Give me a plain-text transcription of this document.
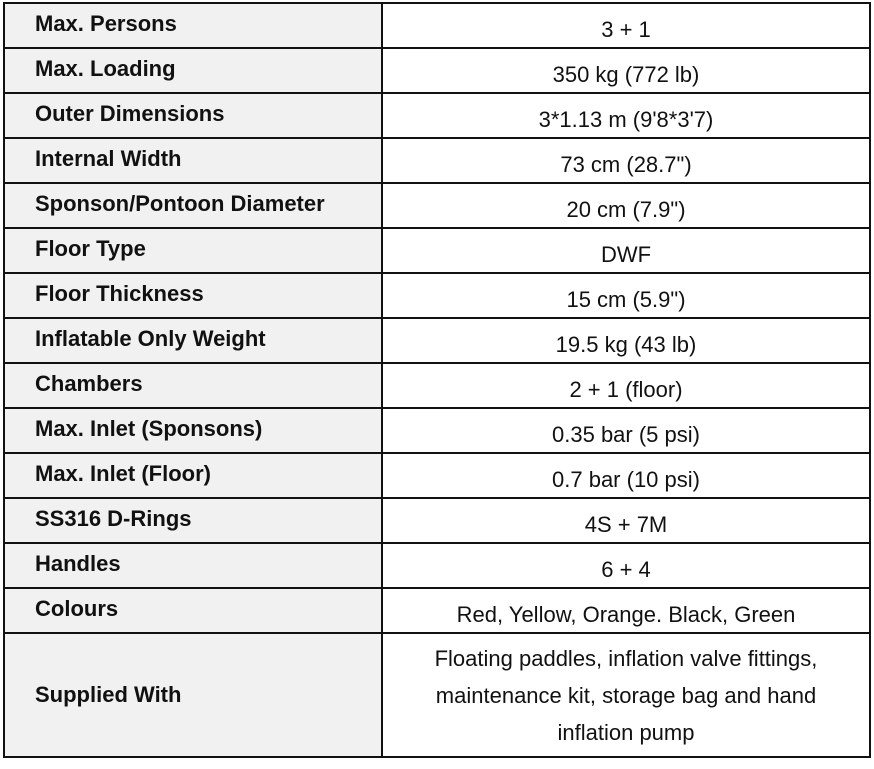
Max. Persons	3 + 1
Max. Loading	350 kg (772 lb)
Outer Dimensions	3*1.13 m (9'8*3'7)
Internal Width	73 cm (28.7")
Sponson/Pontoon Diameter	20 cm (7.9")
Floor Type	DWF
Floor Thickness	15 cm (5.9")
Inflatable Only Weight	19.5 kg (43 lb)
Chambers	2 + 1 (floor)
Max. Inlet (Sponsons)	0.35 bar (5 psi)
Max. Inlet (Floor)	0.7 bar (10 psi)
SS316 D-Rings	4S + 7M
Handles	6 + 4
Colours	Red, Yellow, Orange. Black, Green
Supplied With	Floating paddles, inflation valve fittings,
maintenance kit, storage bag and hand
inflation pump
